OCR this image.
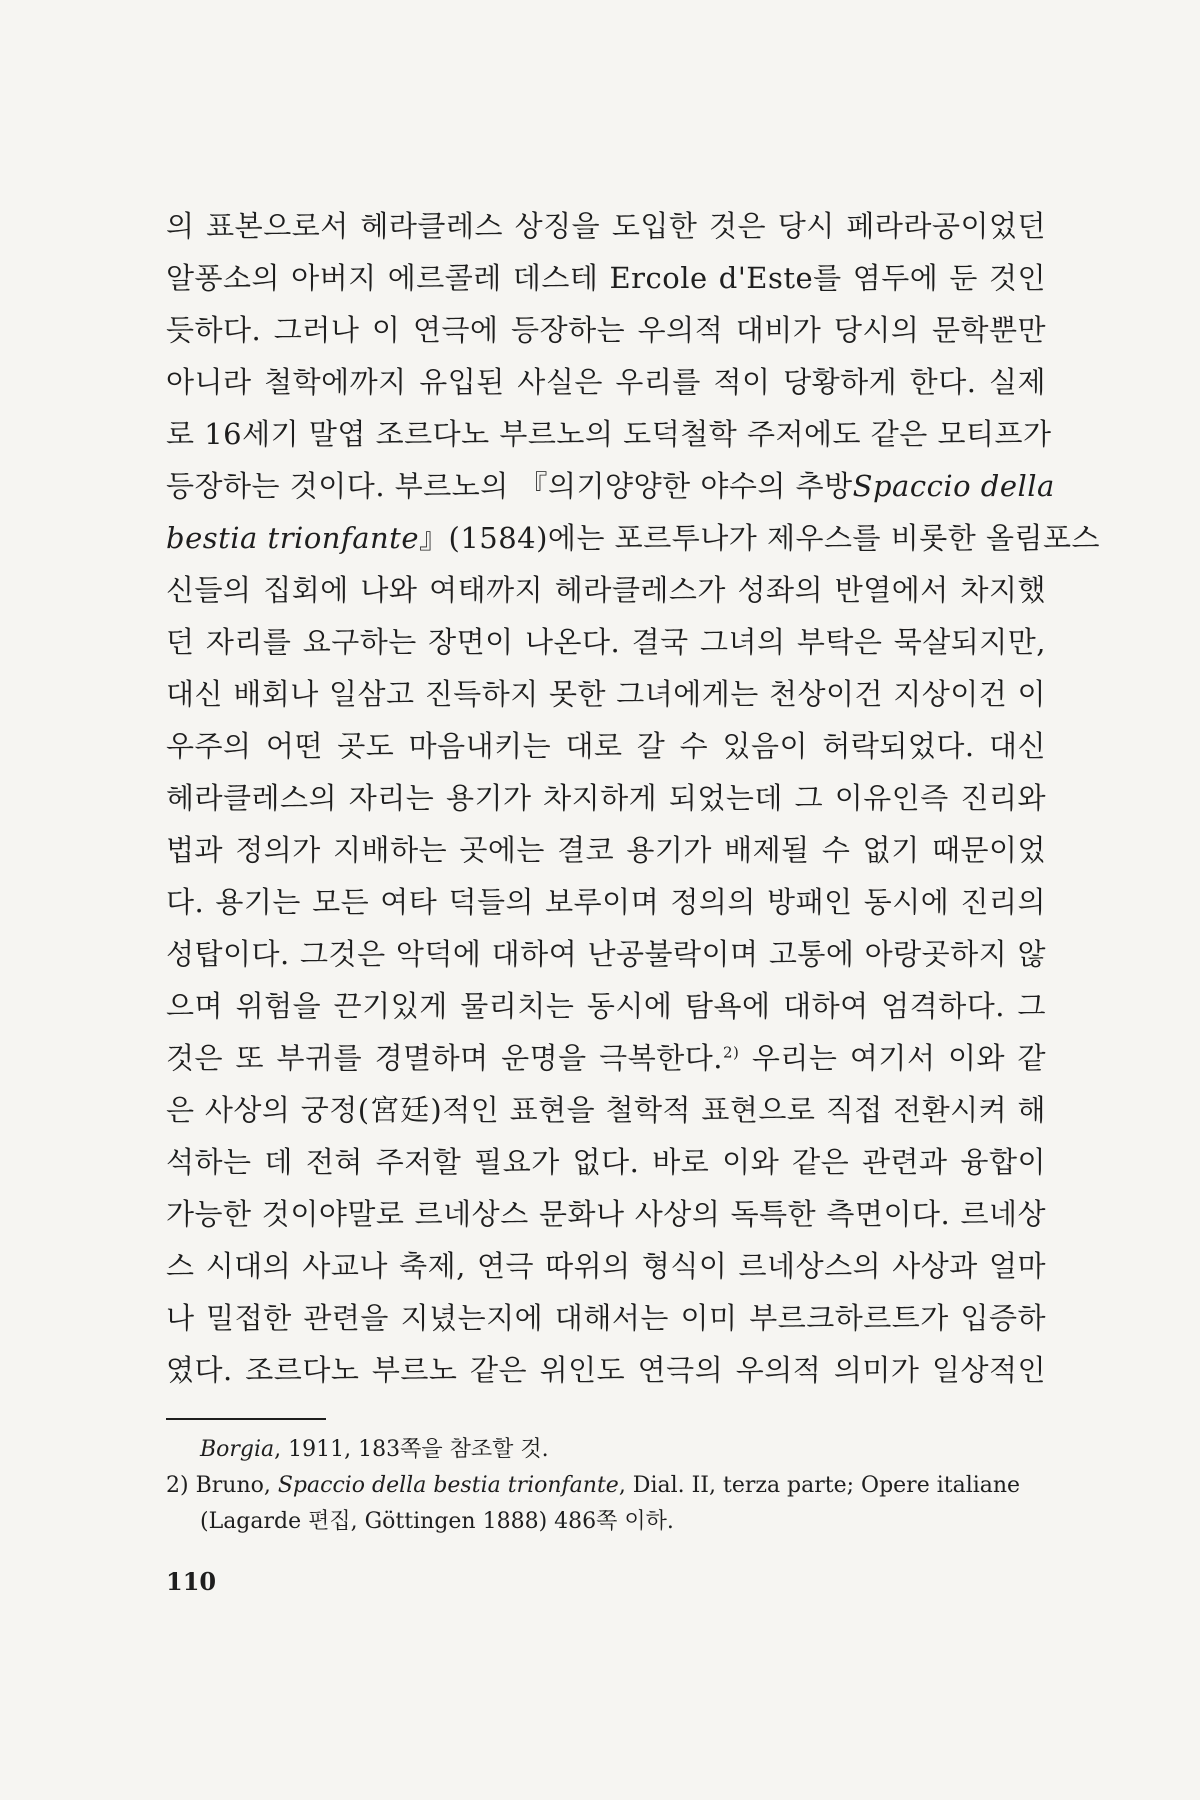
의 표본으로서 헤라클레스 상징을 도입한 것은 당시 페라라공이었던
알퐁소의 아버지 에르콜레 데스테 Ercole d'Este를 염두에 둔 것인
듯하다. 그러나 이 연극에 등장하는 우의적 대비가 당시의 문학뿐만
아니라 철학에까지 유입된 사실은 우리를 적이 당황하게 한다. 실제
로 16세기 말엽 조르다노 부르노의 도덕철학 주저에도 같은 모티프가
등장하는 것이다. 부르노의 『의기양양한 야수의 추방Spaccio della
bestia trionfante』(1584)에는 포르투나가 제우스를 비롯한 올림포스
신들의 집회에 나와 여태까지 헤라클레스가 성좌의 반열에서 차지했
던 자리를 요구하는 장면이 나온다. 결국 그녀의 부탁은 묵살되지만,
대신 배회나 일삼고 진득하지 못한 그녀에게는 천상이건 지상이건 이
우주의 어떤 곳도 마음내키는 대로 갈 수 있음이 허락되었다. 대신
헤라클레스의 자리는 용기가 차지하게 되었는데 그 이유인즉 진리와
법과 정의가 지배하는 곳에는 결코 용기가 배제될 수 없기 때문이었
다. 용기는 모든 여타 덕들의 보루이며 정의의 방패인 동시에 진리의
성탑이다. 그것은 악덕에 대하여 난공불락이며 고통에 아랑곳하지 않
으며 위험을 끈기있게 물리치는 동시에 탐욕에 대하여 엄격하다. 그
것은 또 부귀를 경멸하며 운명을 극복한다.$^{2)}$ 우리는 여기서 이와 같
은 사상의 궁정(宮廷)적인 표현을 철학적 표현으로 직접 전환시켜 해
석하는 데 전혀 주저할 필요가 없다. 바로 이와 같은 관련과 융합이
가능한 것이야말로 르네상스 문화나 사상의 독특한 측면이다. 르네상
스 시대의 사교나 축제, 연극 따위의 형식이 르네상스의 사상과 얼마
나 밀접한 관련을 지녔는지에 대해서는 이미 부르크하르트가 입증하
였다. 조르다노 부르노 같은 위인도 연극의 우의적 의미가 일상적인
Borgia, 1911, 183쪽을 참조할 것.
2) Bruno, Spaccio della bestia trionfante, Dial. II, terza parte; Opere italiane
(Lagarde 편집, Göttingen 1888) 486쪽 이하.
110
